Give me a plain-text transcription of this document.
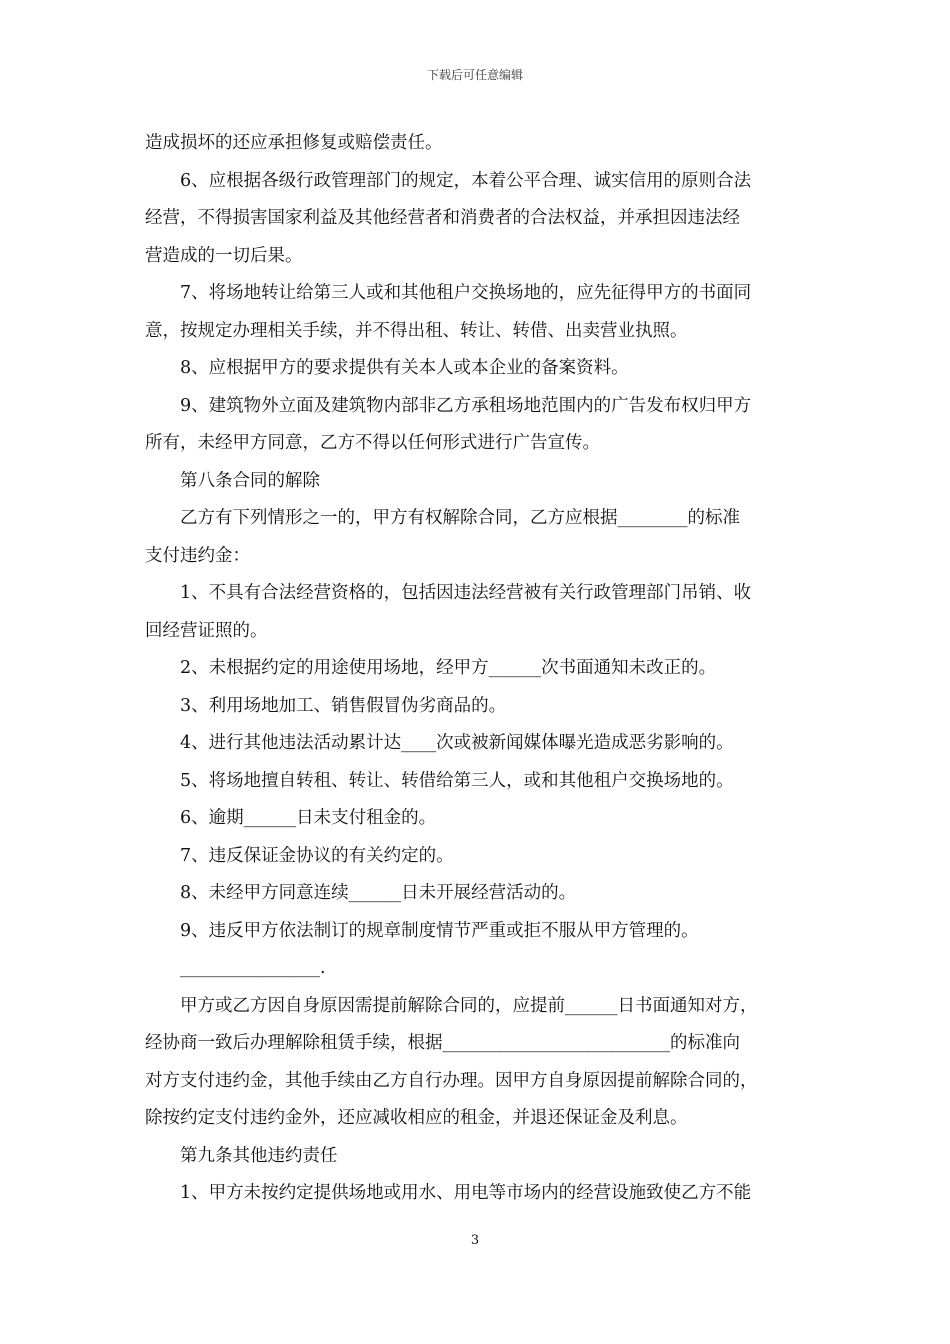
下载后可任意编辑

造成损坏的还应承担修复或赔偿责任。

6、应根据各级行政管理部门的规定，本着公平合理、诚实信用的原则合法

经营，不得损害国家利益及其他经营者和消费者的合法权益，并承担因违法经

营造成的一切后果。

7、将场地转让给第三人或和其他租户交换场地的，应先征得甲方的书面同

意，按规定办理相关手续，并不得出租、转让、转借、出卖营业执照。

8、应根据甲方的要求提供有关本人或本企业的备案资料。

9、建筑物外立面及建筑物内部非乙方承租场地范围内的广告发布权归甲方

所有，未经甲方同意，乙方不得以任何形式进行广告宣传。

第八条合同的解除

乙方有下列情形之一的，甲方有权解除合同，乙方应根据________的标准

支付违约金：

1、不具有合法经营资格的，包括因违法经营被有关行政管理部门吊销、收

回经营证照的。

2、未根据约定的用途使用场地，经甲方______次书面通知未改正的。

3、利用场地加工、销售假冒伪劣商品的。

4、进行其他违法活动累计达____次或被新闻媒体曝光造成恶劣影响的。

5、将场地擅自转租、转让、转借给第三人，或和其他租户交换场地的。

6、逾期______日未支付租金的。

7、违反保证金协议的有关约定的。

8、未经甲方同意连续______日未开展经营活动的。

9、违反甲方依法制订的规章制度情节严重或拒不服从甲方管理的。

________________.

甲方或乙方因自身原因需提前解除合同的，应提前______日书面通知对方，

经协商一致后办理解除租赁手续，根据__________________________的标准向

对方支付违约金，其他手续由乙方自行办理。因甲方自身原因提前解除合同的，

除按约定支付违约金外，还应减收相应的租金，并退还保证金及利息。

第九条其他违约责任

1、甲方未按约定提供场地或用水、用电等市场内的经营设施致使乙方不能

3
